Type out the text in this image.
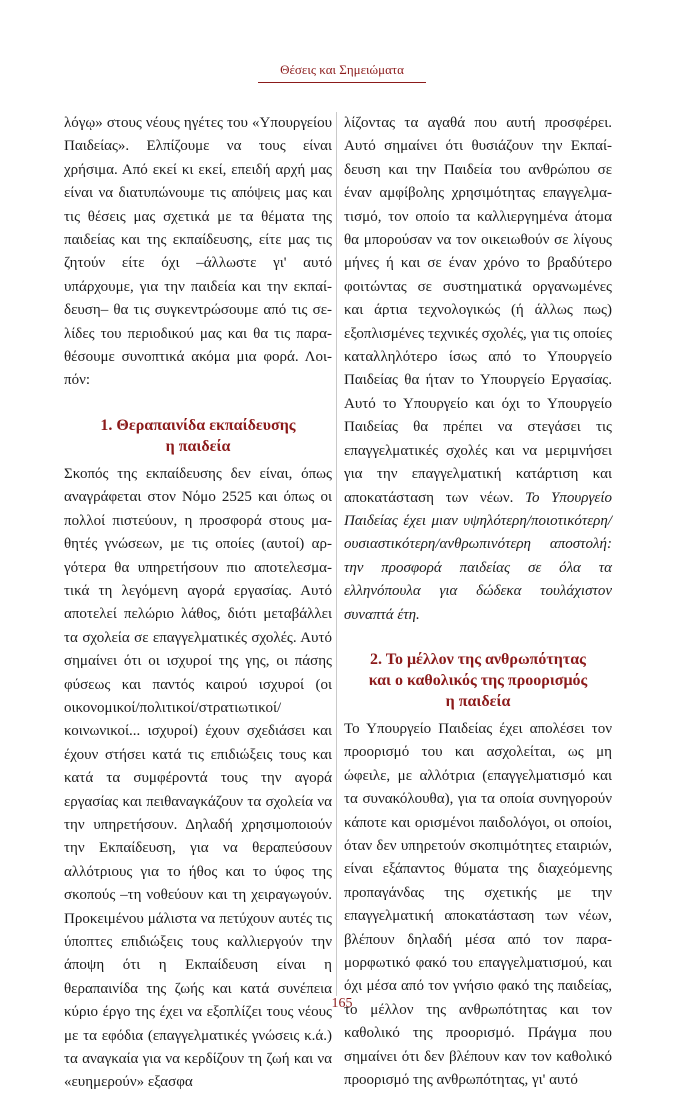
Θέσεις και Σημειώματα

λόγῳ» στους νέους ηγέτες του «Υπουργείου Παιδείας». Ελπίζουμε να τους είναι χρήσιμα. Από εκεί κι εκεί, επειδή αρχή μας είναι να διατυπώνουμε τις απόψεις μας και τις θέσεις μας σχετικά με τα θέματα της παιδείας και της εκπαίδευσης, είτε μας τις ζητούν είτε όχι –άλλωστε γι' αυτό υπάρχουμε, για την παιδεία και την εκπαίδευση– θα τις συγκεντρώσουμε από τις σελίδες του περιοδικού μας και θα τις παραθέσουμε συνοπτικά ακόμα μια φορά. Λοιπόν:

1. Θεραπαινίδα εκπαίδευσης
η παιδεία

Σκοπός της εκπαίδευσης δεν είναι, όπως αναγράφεται στον Νόμο 2525 και όπως οι πολλοί πιστεύουν, η προσφορά στους μαθητές γνώσεων, με τις οποίες (αυτοί) αργότερα θα υπηρετήσουν πιο αποτελεσματικά τη λεγόμενη αγορά εργασίας. Αυτό αποτελεί πελώριο λάθος, διότι μεταβάλλει τα σχολεία σε επαγγελματικές σχολές. Αυτό σημαίνει ότι οι ισχυροί της γης, οι πάσης φύσεως και παντός καιρού ισχυροί (οι οικονομικοί/πολιτικοί/στρατιωτικοί/κοινωνικοί... ισχυροί) έχουν σχεδιάσει και έχουν στήσει κατά τις επιδιώξεις τους και κατά τα συμφέροντά τους την αγορά εργασίας και πειθαναγκάζουν τα σχολεία να την υπηρετήσουν. Δηλαδή χρησιμοποιούν την Εκπαίδευση, για να θεραπεύσουν αλλότριους για το ήθος και το ύφος της σκοπούς –τη νοθεύουν και τη χειραγωγούν. Προκειμένου μάλιστα να πετύχουν αυτές τις ύποπτες επιδιώξεις τους καλλιεργούν την άποψη ότι η Εκπαίδευση είναι η θεραπαινίδα της ζωής και κατά συνέπεια κύριο έργο της έχει να εξοπλίζει τους νέους με τα εφόδια (επαγγελματικές γνώσεις κ.ά.) τα αναγκαία για να κερδίζουν τη ζωή και να «ευημερούν» εξασφα

λίζοντας τα αγαθά που αυτή προσφέρει. Αυτό σημαίνει ότι θυσιάζουν την Εκπαίδευση και την Παιδεία του ανθρώπου σε έναν αμφίβολης χρησιμότητας επαγγελματισμό, τον οποίο τα καλλιεργημένα άτομα θα μπορούσαν να τον οικειωθούν σε λίγους μήνες ή και σε έναν χρόνο το βραδύτερο φοιτώντας σε συστηματικά οργανωμένες και άρτια τεχνολογικώς (ή άλλως πως) εξοπλισμένες τεχνικές σχολές, για τις οποίες καταλληλότερο ίσως από το Υπουργείο Παιδείας θα ήταν το Υπουργείο Εργασίας. Αυτό το Υπουργείο και όχι το Υπουργείο Παιδείας θα πρέπει να στεγάσει τις επαγγελματικές σχολές και να μεριμνήσει για την επαγγελματική κατάρτιση και αποκατάσταση των νέων. Το Υπουργείο Παιδείας έχει μιαν υψηλότερη/ποιοτικότερη/ουσιαστικότερη/ανθρωπινότερη αποστολή: την προσφορά παιδείας σε όλα τα ελληνόπουλα για δώδεκα τουλάχιστον συναπτά έτη.

2. Το μέλλον της ανθρωπότητας
και ο καθολικός της προορισμός
η παιδεία

Το Υπουργείο Παιδείας έχει απολέσει τον προορισμό του και ασχολείται, ως μη ώφειλε, με αλλότρια (επαγγελματισμό και τα συνακόλουθα), για τα οποία συνηγορούν κάποτε και ορισμένοι παιδολόγοι, οι οποίοι, όταν δεν υπηρετούν σκοπιμότητες εταιριών, είναι εξάπαντος θύματα της διαχεόμενης προπαγάνδας της σχετικής με την επαγγελματική αποκατάσταση των νέων, βλέπουν δηλαδή μέσα από τον παραμορφωτικό φακό του επαγγελματισμού, και όχι μέσα από τον γνήσιο φακό της παιδείας, το μέλλον της ανθρωπότητας και τον καθολικό της προορισμό. Πράγμα που σημαίνει ότι δεν βλέπουν καν τον καθολικό προορισμό της ανθρωπότητας, γι' αυτό

165
